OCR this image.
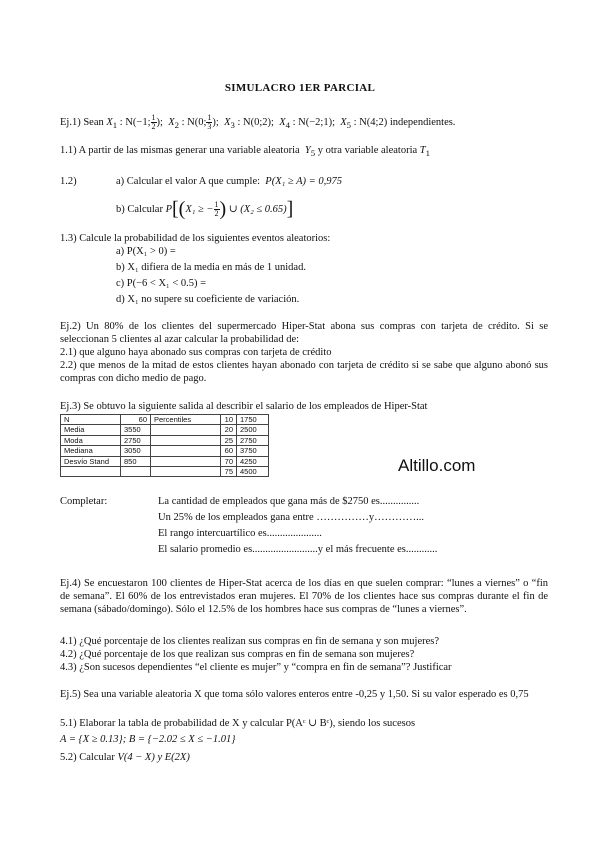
SIMULACRO 1ER PARCIAL
Ej.1) Sean $X_1$ : N(−1; $\frac{1}{2}$ ); $X_2$ : N(0; $\frac{1}{3}$ ); $X_3$ : N(0;2); $X_4$ : N(−2;1); $X_5$ : N(4;2) independientes.
1.1) A partir de las mismas generar una variable aleatoria $Y_5$ y otra variable aleatoria $T_1$
1.2)	a) Calcular el valor A que cumple: P(X₁ ≥ A) = 0,975
b) Calcular P[(X₁ ≥ − $\frac{1}{2}$ ) ∪ (X₂ ≤ 0.65)]
1.3) Calcule la probabilidad de los siguientes eventos aleatorios:
a) P(X₁ > 0) =
b) X₁ difiera de la media en más de 1 unidad.
c) P(−6 < X₁ < 0.5) =
d) X₁ no supere su coeficiente de variación.
Ej.2) Un 80% de los clientes del supermercado Hiper-Stat abona sus compras con tarjeta de crédito. Si se seleccionan 5 clientes al azar calcular la probabilidad de:
2.1) que alguno haya abonado sus compras con tarjeta de crédito
2.2) que menos de la mitad de estos clientes hayan abonado con tarjeta de crédito si se sabe que alguno abonó sus compras con dicho medio de pago.
Ej.3) Se obtuvo la siguiente salida al describir el salario de los empleados de Hiper-Stat
N	60	Percentiles	10	1750
Media	3550		20	2500
Moda	2750		25	2750
Mediana	3050		60	3750
Desvío Stand	850		70	4250
			75	4500	Altillo.com
Completar:	La cantidad de empleados que gana más de $2750 es...............
Un 25% de los empleados gana entre ……………y…………...
El rango intercuartílico es.....................
El salario promedio es.........................y el más frecuente es............
Ej.4) Se encuestaron 100 clientes de Hiper-Stat acerca de los días en que suelen comprar: “lunes a viernes” o “fin de semana”. El 60% de los entrevistados eran mujeres. El 70% de los clientes hace sus compras durante el fin de semana (sábado/domingo). Sólo el 12.5% de los hombres hace sus compras de “lunes a viernes”.
4.1) ¿Qué porcentaje de los clientes realizan sus compras en fin de semana y son mujeres?
4.2) ¿Qué porcentaje de los que realizan sus compras en fin de semana son mujeres?
4.3) ¿Son sucesos dependientes “el cliente es mujer” y “compra en fin de semana”? Justificar
Ej.5) Sea una variable aleatoria X que toma sólo valores enteros entre -0,25 y 1,50. Si su valor esperado es 0,75
5.1) Elaborar la tabla de probabilidad de X y calcular P(Aᶜ ∪ Bᶜ), siendo los sucesos
A = {X ≥ 0.13}; B = {−2.02 ≤ X ≤ −1.01}
5.2) Calcular V(4 − X) y E(2X)
